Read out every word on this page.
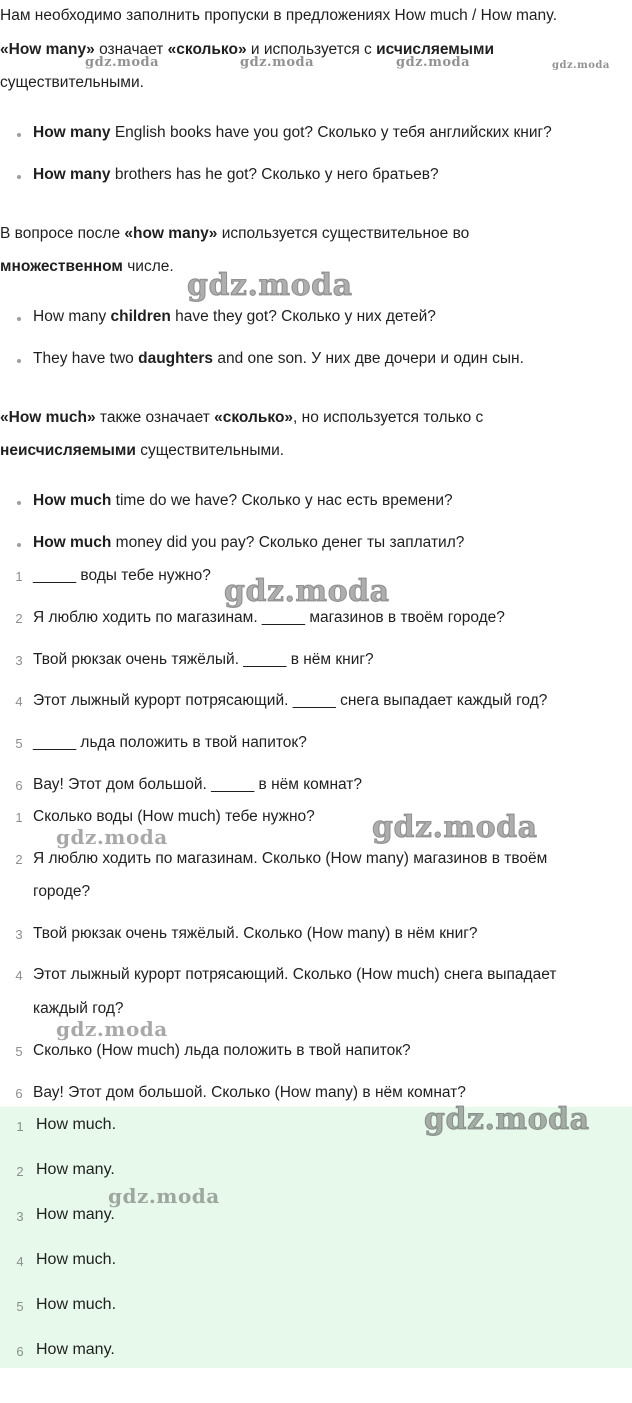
Нам необходимо заполнить пропуски в предложениях How much / How many.
«How many» означает «сколько» и используется с исчисляемыми
существительными.
How many English books have you got? Сколько у тебя английских книг?
How many brothers has he got? Сколько у него братьев?
В вопросе после «how many» используется существительное во
множественном числе.
How many children have they got? Сколько у них детей?
They have two daughters and one son. У них две дочери и один сын.
«How much» также означает «сколько», но используется только с
неисчисляемыми существительными.
How much time do we have? Сколько у нас есть времени?
How much money did you pay? Сколько денег ты заплатил?
1 _____ воды тебе нужно?
2 Я люблю ходить по магазинам. _____ магазинов в твоём городе?
3 Твой рюкзак очень тяжёлый. _____ в нём книг?
4 Этот лыжный курорт потрясающий. _____ снега выпадает каждый год?
5 _____ льда положить в твой напиток?
6 Вау! Этот дом большой. _____ в нём комнат?
1 Сколько воды (How much) тебе нужно?
2 Я люблю ходить по магазинам. Сколько (How many) магазинов в твоём
городе?
3 Твой рюкзак очень тяжёлый. Сколько (How many) в нём книг?
4 Этот лыжный курорт потрясающий. Сколько (How much) снега выпадает
каждый год?
5 Сколько (How much) льда положить в твой напиток?
6 Вау! Этот дом большой. Сколько (How many) в нём комнат?
1 How much.
2 How many.
3 How many.
4 How much.
5 How much.
6 How many.
gdz.moda	gdz.moda	gdz.moda	gdz.moda
gdz.moda
gdz.moda
gdz.moda
gdz.moda
gdz.moda
gdz.moda
gdz.moda
